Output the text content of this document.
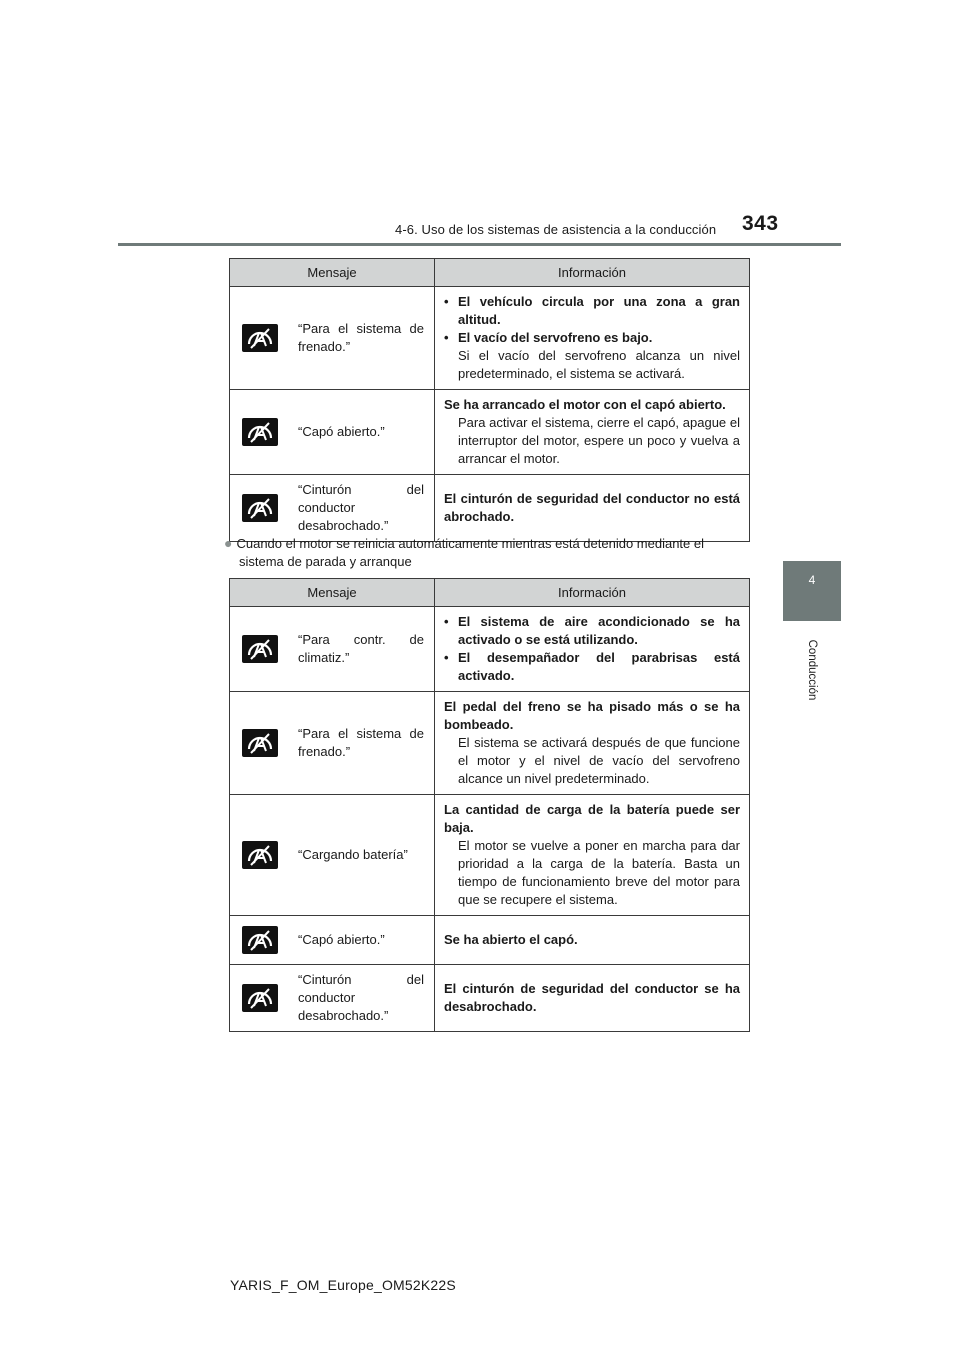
4-6. Uso de los sistemas de asistencia a la conducción 343
4
Conducción
Mensaje		Información

	“Para el sistema de frenado.”	• El vehículo circula por una zona a gran altitud.
• El vacío del servofreno es bajo.
Si el vacío del servofreno alcanza un nivel predeterminado, el sistema se activará.

	“Capó abierto.”	Se ha arrancado el motor con el capó abierto.
Para activar el sistema, cierre el capó, apague el interruptor del motor, espere un poco y vuelva a arrancar el motor.

	“Cinturón del conductor desabrochado.”	El cinturón de seguridad del conductor no está abrochado.
● Cuando el motor se reinicia automáticamente mientras está detenido mediante el
sistema de parada y arranque
Mensaje		Información

	“Para contr. de climatiz.”	• El sistema de aire acondicionado se ha activado o se está utilizando.
• El desempañador del parabrisas está activado.

	“Para el sistema de frenado.”	El pedal del freno se ha pisado más o se ha bombeado.
El sistema se activará después de que funcione el motor y el nivel de vacío del servofreno alcance un nivel predeterminado.

	“Cargando batería”	La cantidad de carga de la batería puede ser baja.
El motor se vuelve a poner en marcha para dar prioridad a la carga de la batería. Basta un tiempo de funcionamiento breve del motor para que se recupere el sistema.

	“Capó abierto.”	Se ha abierto el capó.

	“Cinturón del conductor desabrochado.”	El cinturón de seguridad del conductor se ha desabrochado.
YARIS_F_OM_Europe_OM52K22S
